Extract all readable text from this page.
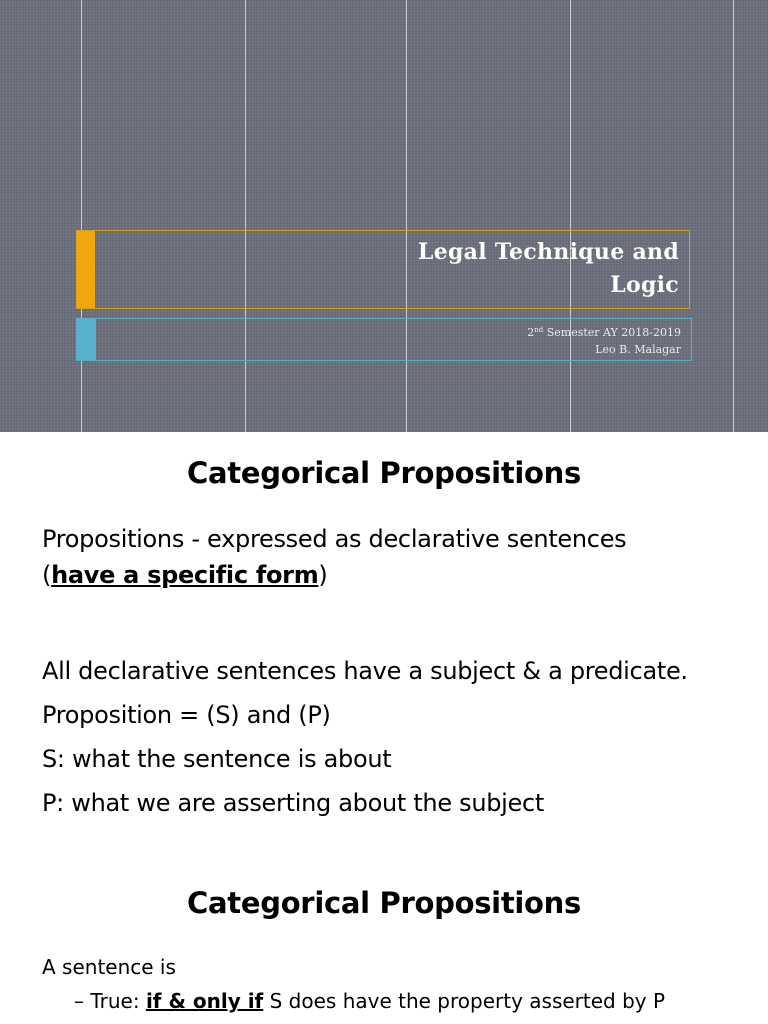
Legal Technique and
Logic
2nd Semester AY 2018-2019
Leo B. Malagar
Categorical Propositions
Propositions - expressed as declarative sentences
(have a specific form)
All declarative sentences have a subject & a predicate.
Proposition = (S) and (P)
S: what the sentence is about
P: what we are asserting about the subject
Categorical Propositions
A sentence is
– True: if & only if S does have the property asserted by P
